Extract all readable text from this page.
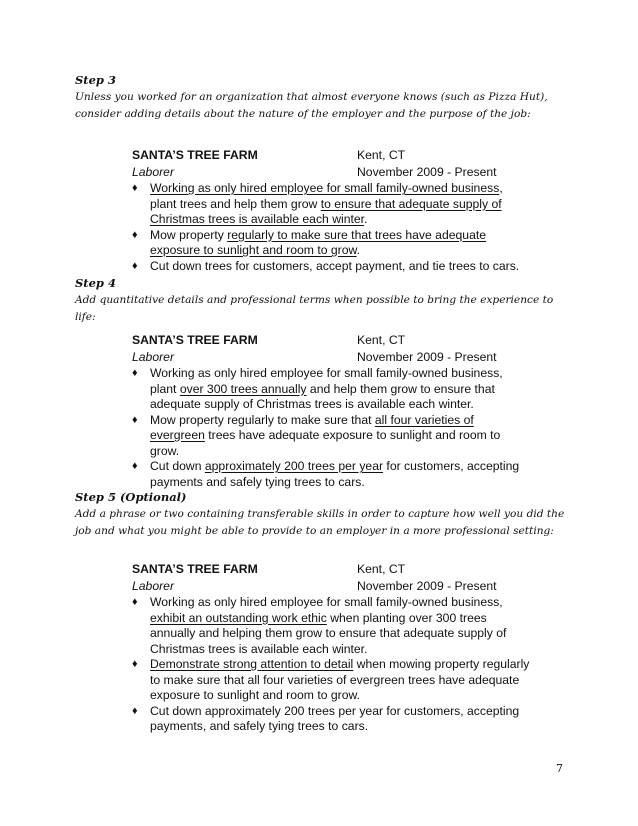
Step 3

Unless you worked for an organization that almost everyone knows (such as Pizza Hut), consider adding details about the nature of the employer and the purpose of the job:

SANTA’S TREE FARM	Kent, CT
Laborer	November 2009 - Present
♦ Working as only hired employee for small family-owned business, plant trees and help them grow to ensure that adequate supply of Christmas trees is available each winter.
♦ Mow property regularly to make sure that trees have adequate exposure to sunlight and room to grow.
♦ Cut down trees for customers, accept payment, and tie trees to cars.

Step 4

Add quantitative details and professional terms when possible to bring the experience to life:

SANTA’S TREE FARM	Kent, CT
Laborer	November 2009 - Present
♦ Working as only hired employee for small family-owned business, plant over 300 trees annually and help them grow to ensure that adequate supply of Christmas trees is available each winter.
♦ Mow property regularly to make sure that all four varieties of evergreen trees have adequate exposure to sunlight and room to grow.
♦ Cut down approximately 200 trees per year for customers, accepting payments and safely tying trees to cars.

Step 5 (Optional)

Add a phrase or two containing transferable skills in order to capture how well you did the job and what you might be able to provide to an employer in a more professional setting:

SANTA’S TREE FARM	Kent, CT
Laborer	November 2009 - Present
♦ Working as only hired employee for small family-owned business, exhibit an outstanding work ethic when planting over 300 trees annually and helping them grow to ensure that adequate supply of Christmas trees is available each winter.
♦ Demonstrate strong attention to detail when mowing property regularly to make sure that all four varieties of evergreen trees have adequate exposure to sunlight and room to grow.
♦ Cut down approximately 200 trees per year for customers, accepting payments, and safely tying trees to cars.
7
